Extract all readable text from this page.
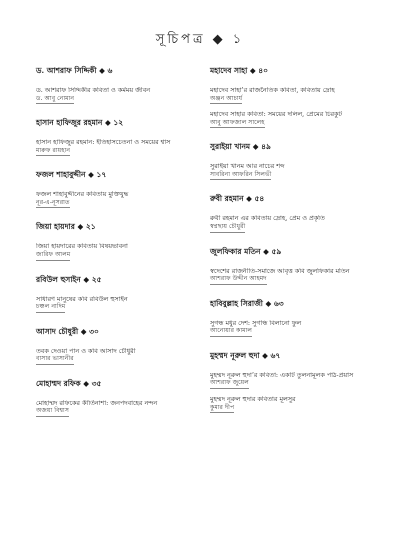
সূচিপত্র ◆ ১
ড. আশরাফ সিদ্দিকী ◆ ৬
ড. আশরাফ সিদ্দিকীর কবিতা ও কর্মময় জীবন
ড. আবু নোমান
হাসান হাফিজুর রহমান ◆ ১২
হাসান হাফিজুর রহমান: ইতিহাসচেতনা ও সময়ের শ্বাস
মারুফ রায়হান
ফজল শাহাবুদ্দীন ◆ ১৭
ফজল শাহাবুদ্দীনের কবিতায় মুক্তিযুদ্ধ
নূর-এ-নূসরাত
জিয়া হায়দার ◆ ২১
জিয়া হায়দারের কবিতায় বিষয়ভাবনা
জারিফ আলম
রবিউল হুসাইন ◆ ২৫
সাধারণ মানুষের কবি রবিউল হুসাইন
চঞ্চল নাদিম
আসাদ চৌধুরী ◆ ৩০
তবক দেওয়া পান ও কবি আসাদ চৌধুরী
বাসার ভাসানীর
মোহাম্মদ রফিক ◆ ৩৫
মোহাম্মদ রফিকের কীর্তিনাশা: জনপদবাহের নন্দন
অজয়া বিশ্বাস
মহাদেব সাহা ◆ ৪০
মহাদেব সাহা’র রাজনৈতিক কবিতা, কবিতায় দ্রোহ
অঞ্জন আচার্য
মহাদেব সাহার কবিতা: সময়ের দলিল, প্রেমের চিরকুট
আবু আফজাল সালেহ
সুরাইয়া খানম ◆ ৪৯
সুরাইয়া খানম আর নাচের শব্দ
সাবরিনা আফরিন সিলভী
রুবী রহমান ◆ ৫৪
রুবী রহমান এর কবিতায় দ্রোহ, প্রেম ও প্রকৃতি
স্বপ্নছায় চৌধুরী
জুলফিকার মতিন ◆ ৫৯
স্বদেশের রাজনীতি-সমাজে আবৃত্ত কবি জুলফিকার মতিন
আশরাফ উদ্দীন আহমদ
হাবিবুল্লাহ সিরাজী ◆ ৬৩
সুগন্ধ মধুর দেশ: সুগন্ধি বিলানো ফুল
আনোয়ার কামাল
মুহম্মদ নূরুল হুদা ◆ ৬৭
মুহম্মদ নূরুল হুদা’র কবিতা: একটি তুলনামূলক পাঠ-প্রয়াস
আশরাফ জুয়েল
মুহম্মদ নূরুল হুদার কবিতার মূলসুর
কুমার দীপ
